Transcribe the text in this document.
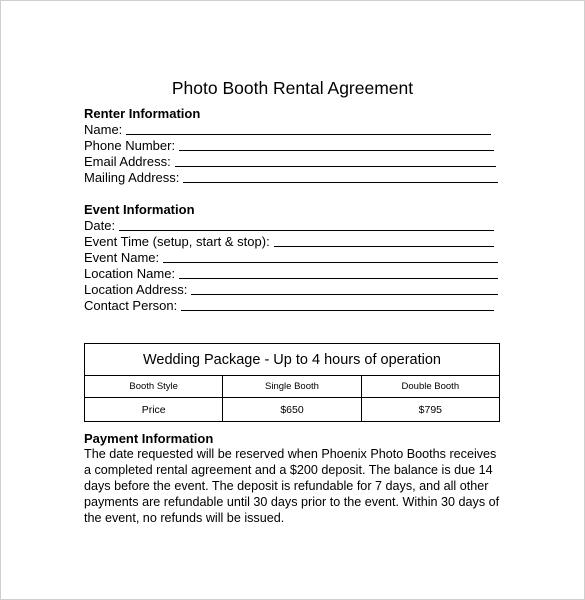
Photo Booth Rental Agreement
Renter Information
Name:
Phone Number:
Email Address:
Mailing Address:
Event Information
Date:
Event Time (setup, start & stop):
Event Name:
Location Name:
Location Address:
Contact Person:
Wedding Package - Up to 4 hours of operation		
Booth Style	Single Booth	Double Booth
Price	$650	$795
Payment Information
The date requested will be reserved when Phoenix Photo Booths receives
a completed rental agreement and a $200 deposit. The balance is due 14
days before the event. The deposit is refundable for 7 days, and all other
payments are refundable until 30 days prior to the event. Within 30 days of
the event, no refunds will be issued.
